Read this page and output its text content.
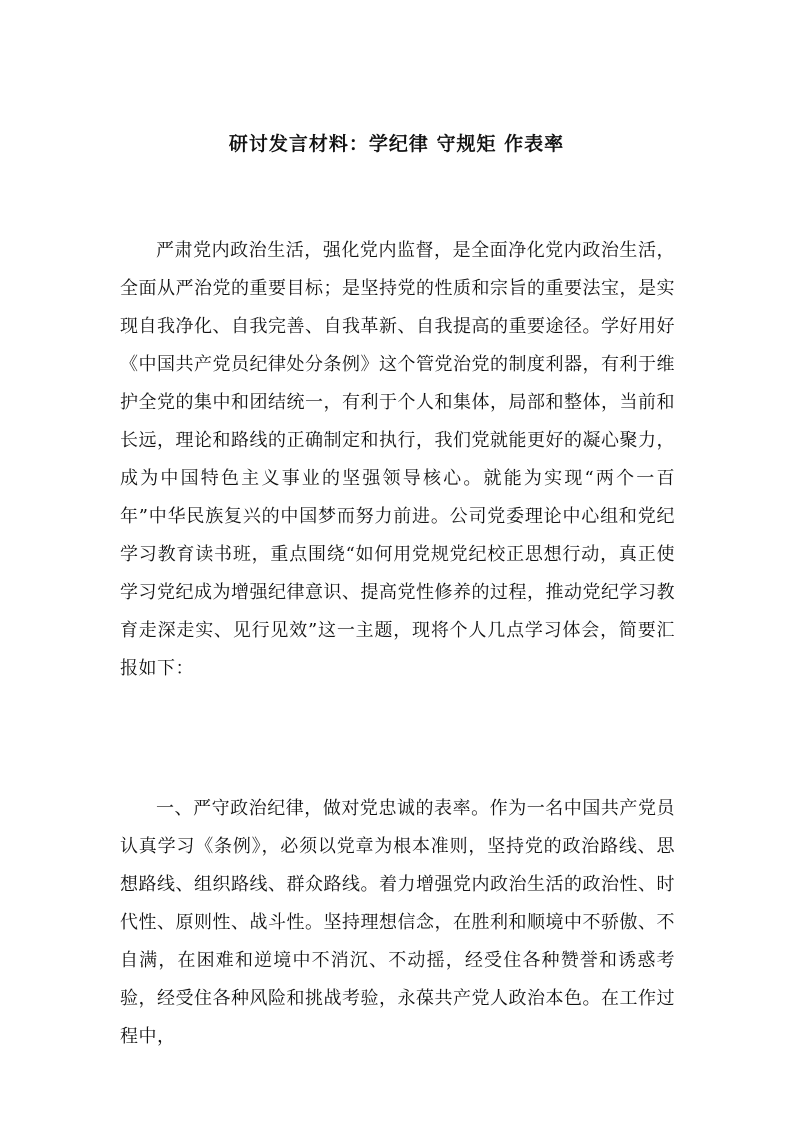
研讨发言材料：学纪律 守规矩 作表率

严肃党内政治生活，强化党内监督，是全面净化党内政治生活，全面从严治党的重要目标；是坚持党的性质和宗旨的重要法宝，是实现自我净化、自我完善、自我革新、自我提高的重要途径。学好用好《中国共产党员纪律处分条例》这个管党治党的制度利器，有利于维护全党的集中和团结统一，有利于个人和集体，局部和整体，当前和长远，理论和路线的正确制定和执行，我们党就能更好的凝心聚力，成为中国特色主义事业的坚强领导核心。就能为实现“两个一百年”中华民族复兴的中国梦而努力前进。公司党委理论中心组和党纪学习教育读书班，重点围绕“如何用党规党纪校正思想行动，真正使学习党纪成为增强纪律意识、提高党性修养的过程，推动党纪学习教育走深走实、见行见效”这一主题，现将个人几点学习体会，简要汇报如下：

一、严守政治纪律，做对党忠诚的表率。作为一名中国共产党员认真学习《条例》，必须以党章为根本准则，坚持党的政治路线、思想路线、组织路线、群众路线。着力增强党内政治生活的政治性、时代性、原则性、战斗性。坚持理想信念，在胜利和顺境中不骄傲、不自满，在困难和逆境中不消沉、不动摇，经受住各种赞誉和诱惑考验，经受住各种风险和挑战考验，永葆共产党人政治本色。在工作过程中，
